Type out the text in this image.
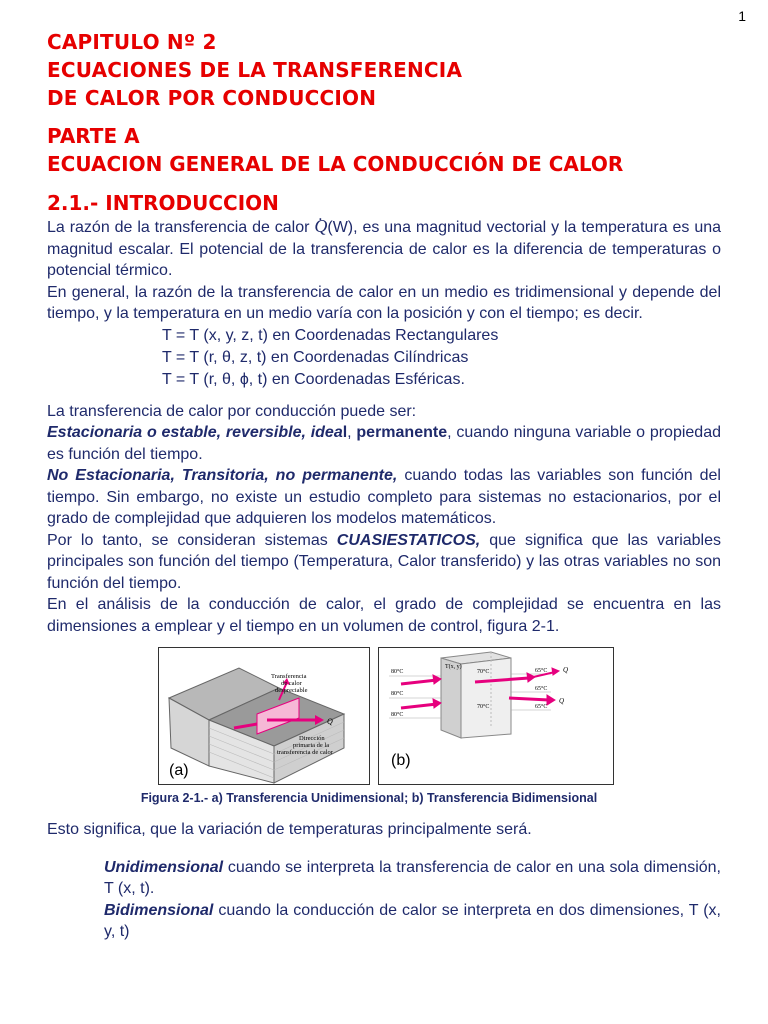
1
CAPITULO Nº 2
ECUACIONES DE LA TRANSFERENCIA
DE CALOR POR CONDUCCION
PARTE A
ECUACION GENERAL DE LA CONDUCCIÓN DE CALOR
2.1.- INTRODUCCION

La razón de la transferencia de calor . Q(W), es una magnitud vectorial y la temperatura es una magnitud escalar. El potencial de la transferencia de calor es la diferencia de temperaturas o potencial térmico.

En general, la razón de la transferencia de calor en un medio es tridimensional y depende del tiempo, y la temperatura en un medio varía con la posición y con el tiempo; es decir.

T = T (x, y, z, t) en Coordenadas Rectangulares
T = T (r, θ, z, t) en Coordenadas Cilíndricas
T = T (r, θ, ϕ, t) en Coordenadas Esféricas.

La transferencia de calor por conducción puede ser:

Estacionaria o estable, reversible, ideal, permanente, cuando ninguna variable o propiedad es función del tiempo.

No Estacionaria, Transitoria, no permanente, cuando todas las variables son función del tiempo. Sin embargo, no existe un estudio completo para sistemas no estacionarios, por el grado de complejidad que adquieren los modelos matemáticos.

Por lo tanto, se consideran sistemas CUASIESTATICOS, que significa que las variables principales son función del tiempo (Temperatura, Calor transferido) y las otras variables no son función del tiempo.

En el análisis de la conducción de calor, el grado de complejidad se encuentra en las dimensiones a emplear y el tiempo en un volumen de control, figura 2-1.

Transferencia
de calor
despreciable
Q
Dirección
primaria de la
transferencia de calor
(a)
80°C
80°C
80°C
T(x, y)
70°C
70°C
65°C
65°C
65°C
Q
Q
(b)
Figura 2-1.- a) Transferencia Unidimensional; b) Transferencia Bidimensional

Esto significa, que la variación de temperaturas principalmente será.

Unidimensional cuando se interpreta la transferencia de calor en una sola dimensión, T (x, t).

Bidimensional cuando la conducción de calor se interpreta en dos dimensiones, T (x, y, t)
